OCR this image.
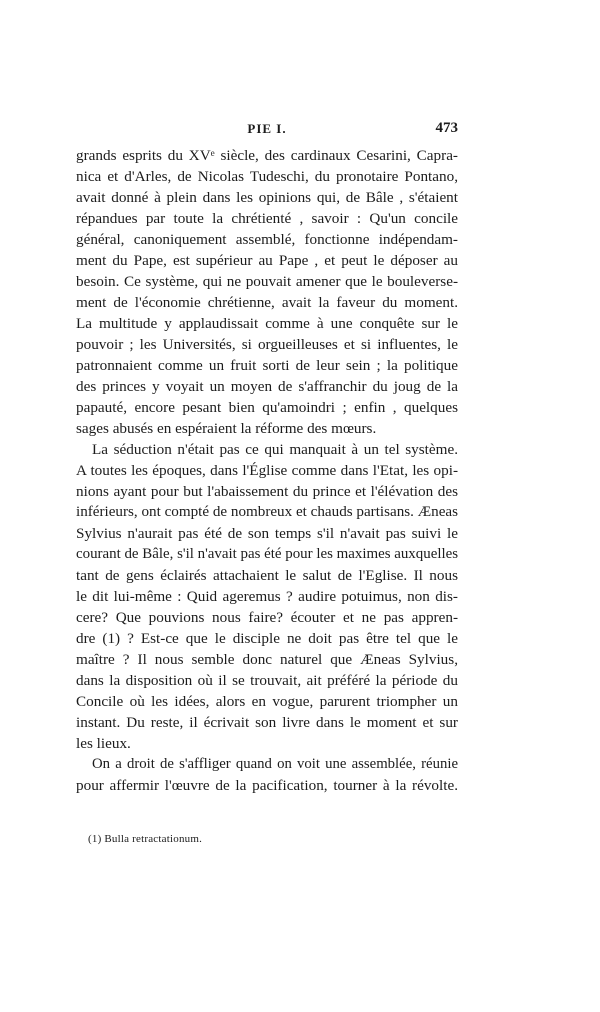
PIE I.	473
grands esprits du XVᵉ siècle, des cardinaux Cesarini, Capra-
nica et d'Arles, de Nicolas Tudeschi, du pronotaire Pontano,
avait donné à plein dans les opinions qui, de Bâle , s'étaient
répandues par toute la chrétienté , savoir : Qu'un concile
général, canoniquement assemblé, fonctionne indépendam-
ment du Pape, est supérieur au Pape , et peut le déposer au
besoin. Ce système, qui ne pouvait amener que le bouleverse-
ment de l'économie chrétienne, avait la faveur du moment.
La multitude y applaudissait comme à une conquête sur le
pouvoir ; les Universités, si orgueilleuses et si influentes, le
patronnaient comme un fruit sorti de leur sein ; la politique
des princes y voyait un moyen de s'affranchir du joug de la
papauté, encore pesant bien qu'amoindri ; enfin , quelques
sages abusés en espéraient la réforme des mœurs.
La séduction n'était pas ce qui manquait à un tel système.
A toutes les époques, dans l'Église comme dans l'Etat, les opi-
nions ayant pour but l'abaissement du prince et l'élévation des
inférieurs, ont compté de nombreux et chauds partisans. Æneas
Sylvius n'aurait pas été de son temps s'il n'avait pas suivi le
courant de Bâle, s'il n'avait pas été pour les maximes auxquelles
tant de gens éclairés attachaient le salut de l'Eglise. Il nous
le dit lui-même : Quid ageremus ? audire potuimus, non dis-
cere? Que pouvions nous faire? écouter et ne pas appren-
dre (1) ? Est-ce que le disciple ne doit pas être tel que le
maître ? Il nous semble donc naturel que Æneas Sylvius,
dans la disposition où il se trouvait, ait préféré la période du
Concile où les idées, alors en vogue, parurent triompher un
instant. Du reste, il écrivait son livre dans le moment et sur
les lieux.
On a droit de s'affliger quand on voit une assemblée, réunie
pour affermir l'œuvre de la pacification, tourner à la révolte.
(1) Bulla retractationum.
